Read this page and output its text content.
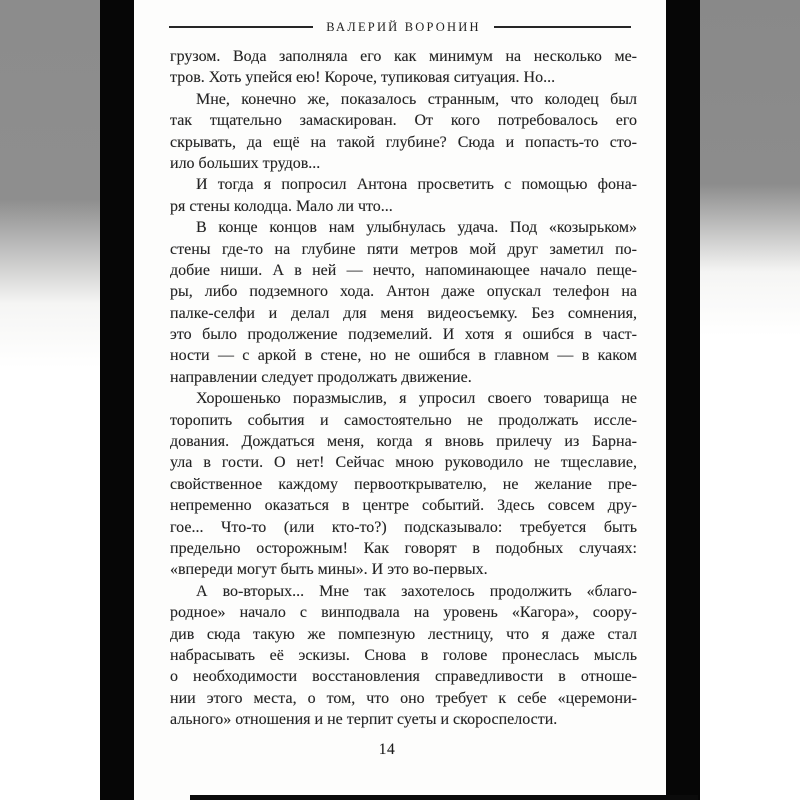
ВАЛЕРИЙ ВОРОНИН
грузом. Вода заполняла его как минимум на несколько ме-
тров. Хоть упейся ею! Короче, тупиковая ситуация. Но...
Мне, конечно же, показалось странным, что колодец был
так тщательно замаскирован. От кого потребовалось его
скрывать, да ещё на такой глубине? Сюда и попасть-то сто-
ило больших трудов...
И тогда я попросил Антона просветить с помощью фона-
ря стены колодца. Мало ли что...
В конце концов нам улыбнулась удача. Под «козырьком»
стены где-то на глубине пяти метров мой друг заметил по-
добие ниши. А в ней — нечто, напоминающее начало пеще-
ры, либо подземного хода. Антон даже опускал телефон на
палке-селфи и делал для меня видеосъемку. Без сомнения,
это было продолжение подземелий. И хотя я ошибся в част-
ности — с аркой в стене, но не ошибся в главном — в каком
направлении следует продолжать движение.
Хорошенько поразмыслив, я упросил своего товарища не
торопить события и самостоятельно не продолжать иссле-
дования. Дождаться меня, когда я вновь прилечу из Барна-
ула в гости. О нет! Сейчас мною руководило не тщеславие,
свойственное каждому первооткрывателю, не желание пре-
непременно оказаться в центре событий. Здесь совсем дру-
гое... Что-то (или кто-то?) подсказывало: требуется быть
предельно осторожным! Как говорят в подобных случаях:
«впереди могут быть мины». И это во-первых.
А во-вторых... Мне так захотелось продолжить «благо-
родное» начало с винподвала на уровень «Кагора», соору-
див сюда такую же помпезную лестницу, что я даже стал
набрасывать её эскизы. Снова в голове пронеслась мысль
о необходимости восстановления справедливости в отноше-
нии этого места, о том, что оно требует к себе «церемони-
ального» отношения и не терпит суеты и скороспелости.
14
